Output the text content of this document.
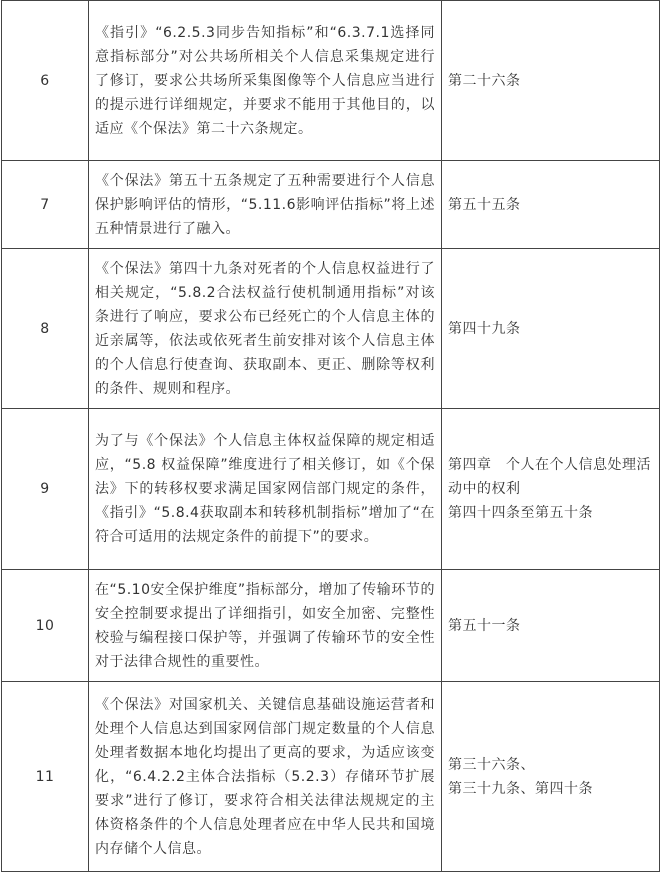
6	《指引》“6.2.5.3同步告知指标”和“6.3.7.1选择同意指标部分”对公共场所相关个人信息采集规定进行了修订，要求公共场所采集图像等个人信息应当进行的提示进行详细规定，并要求不能用于其他目的，以适应《个保法》第二十六条规定。	第二十六条

7	《个保法》第五十五条规定了五种需要进行个人信息保护影响评估的情形，“5.11.6影响评估指标”将上述五种情景进行了融入。	第五十五条

8	《个保法》第四十九条对死者的个人信息权益进行了相关规定，“5.8.2合法权益行使机制通用指标”对该条进行了响应，要求公布已经死亡的个人信息主体的近亲属等，依法或依死者生前安排对该个人信息主体的个人信息行使查询、获取副本、更正、删除等权利的条件、规则和程序。	第四十九条

9	为了与《个保法》个人信息主体权益保障的规定相适应，“5.8 权益保障”维度进行了相关修订，如《个保法》下的转移权要求满足国家网信部门规定的条件，《指引》“5.8.4获取副本和转移机制指标”增加了“在符合可适用的法规定条件的前提下”的要求。	第四章　个人在个人信息处理活动中的权利
第四十四条至第五十条

10	在“5.10安全保护维度”指标部分，增加了传输环节的安全控制要求提出了详细指引，如安全加密、完整性校验与编程接口保护等，并强调了传输环节的安全性对于法律合规性的重要性。	第五十一条

11	《个保法》对国家机关、关键信息基础设施运营者和处理个人信息达到国家网信部门规定数量的个人信息处理者数据本地化均提出了更高的要求，为适应该变化，“6.4.2.2主体合法指标（5.2.3）存储环节扩展要求”进行了修订，要求符合相关法律法规规定的主体资格条件的个人信息处理者应在中华人民共和国境内存储个人信息。	第三十六条、
第三十九条、第四十条
